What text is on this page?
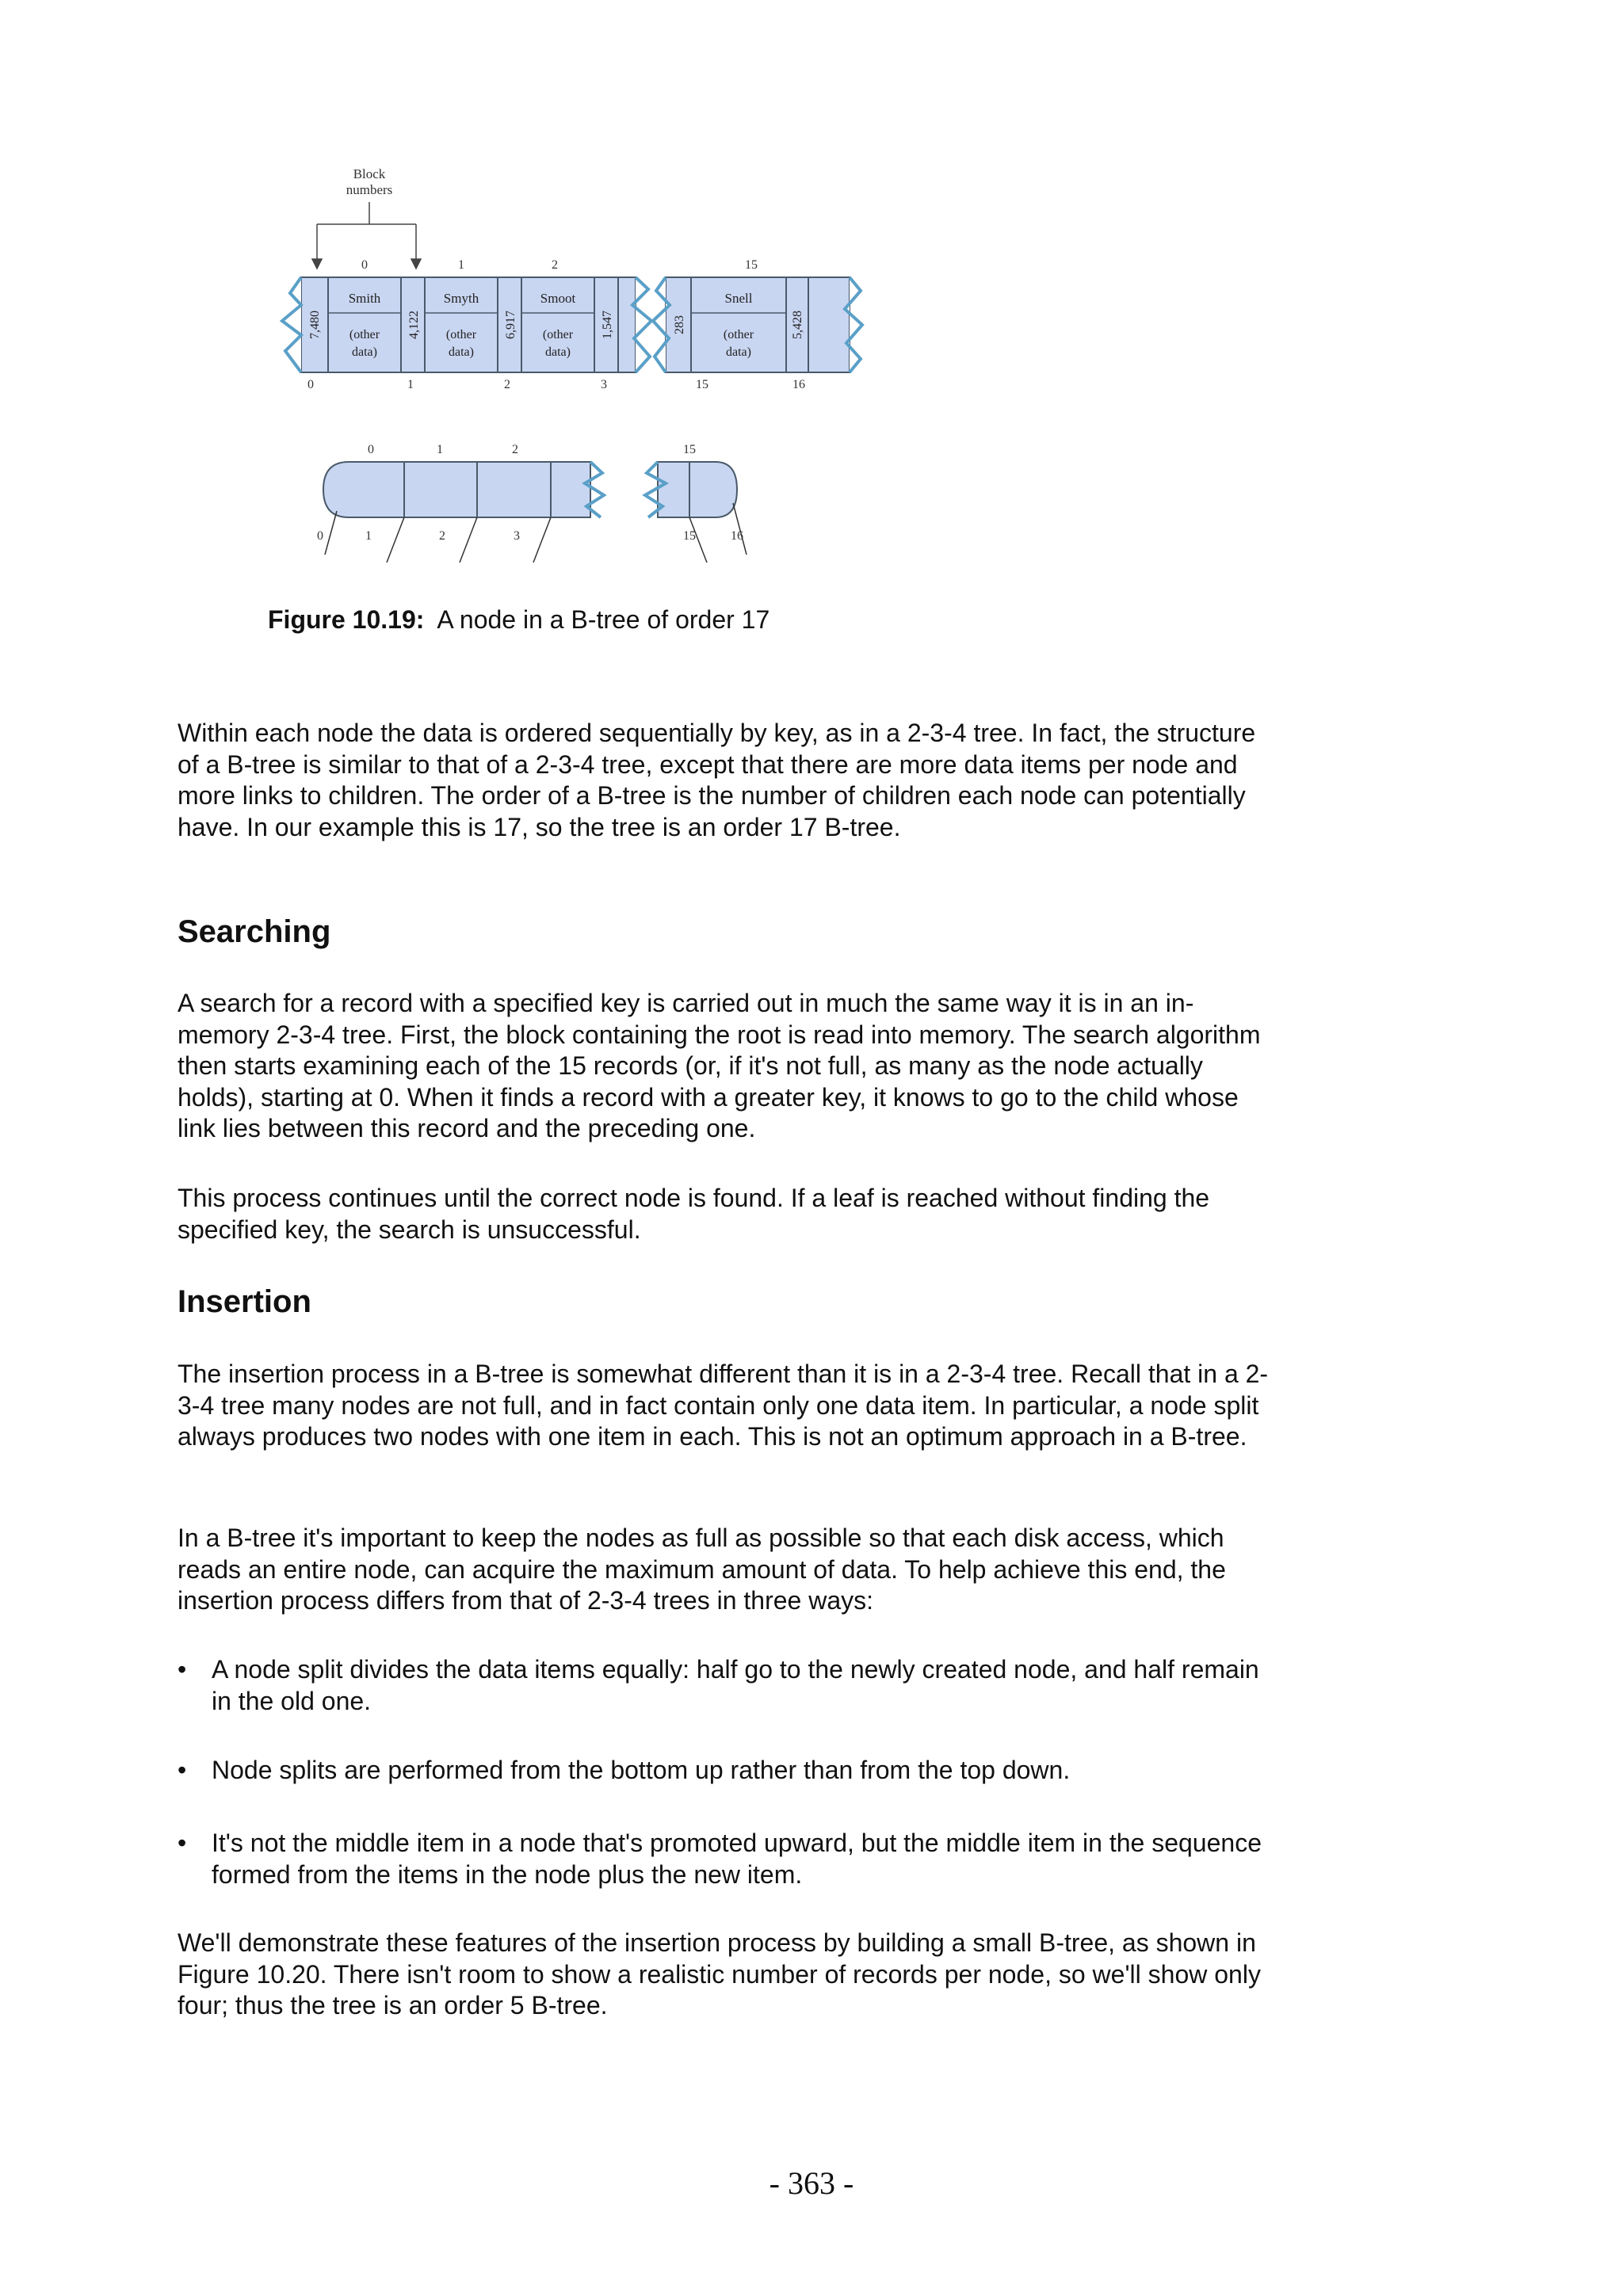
Block
numbers
0	1	2	15
Smith	Smyth	Smoot	Snell
(other
data)
(other
data)
(other
data)
(other
data)
7,480	4,122	6,917	1,547	283	5,428
0	1	2	3	15	16
0	1	2	15
0	1	2	3	15	16
Figure 10.19: A node in a B-tree of order 17

Within each node the data is ordered sequentially by key, as in a 2-3-4 tree. In fact, the structure of a B-tree is similar to that of a 2-3-4 tree, except that there are more data items per node and more links to children. The order of a B-tree is the number of children each node can potentially have. In our example this is 17, so the tree is an order 17 B-tree.

Searching

A search for a record with a specified key is carried out in much the same way it is in an in-memory 2-3-4 tree. First, the block containing the root is read into memory. The search algorithm then starts examining each of the 15 records (or, if it's not full, as many as the node actually holds), starting at 0. When it finds a record with a greater key, it knows to go to the child whose link lies between this record and the preceding one.

This process continues until the correct node is found. If a leaf is reached without finding the specified key, the search is unsuccessful.

Insertion

The insertion process in a B-tree is somewhat different than it is in a 2-3-4 tree. Recall that in a 2-3-4 tree many nodes are not full, and in fact contain only one data item. In particular, a node split always produces two nodes with one item in each. This is not an optimum approach in a B-tree.

In a B-tree it's important to keep the nodes as full as possible so that each disk access, which reads an entire node, can acquire the maximum amount of data. To help achieve this end, the insertion process differs from that of 2-3-4 trees in three ways:

• A node split divides the data items equally: half go to the newly created node, and half remain in the old one.
• Node splits are performed from the bottom up rather than from the top down.
• It's not the middle item in a node that's promoted upward, but the middle item in the sequence formed from the items in the node plus the new item.

We'll demonstrate these features of the insertion process by building a small B-tree, as shown in Figure 10.20. There isn't room to show a realistic number of records per node, so we'll show only four; thus the tree is an order 5 B-tree.

- 363 -
